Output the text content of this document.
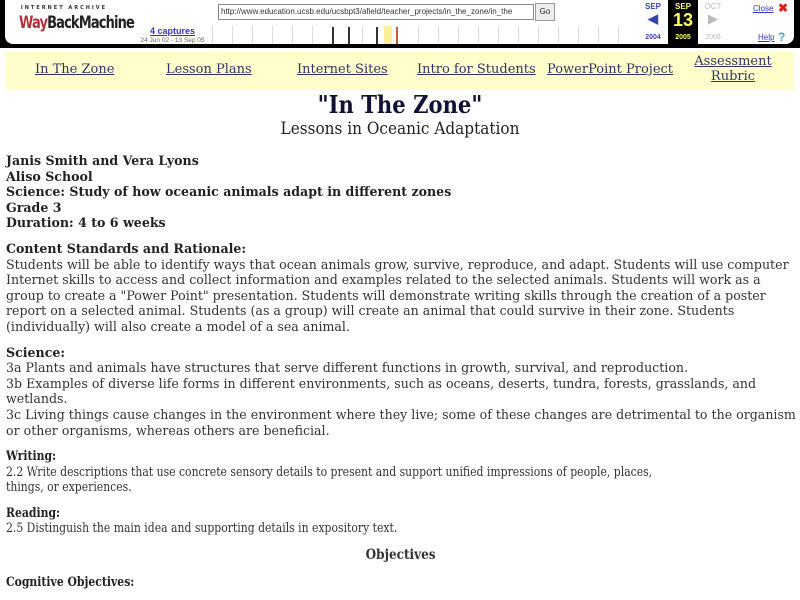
INTERNET ARCHIVE
WayBackMachine	4 captures
24 Jun 02 - 13 Sep 05
http://www.education.ucsb.edu/ucsbpt3/afield/teacher_projects/in_the_zone/in_the	Go
SEP
◀
2004
SEP
13
2005
OCT
▶
2006
Close ✖
Help ?
In The Zone	Lesson Plans	Internet Sites Intro for Students PowerPoint Project
Assessment
Rubric
"In The Zone"
Lessons in Oceanic Adaptation

Janis Smith and Vera Lyons

Aliso School

Science: Study of how oceanic animals adapt in different zones

Grade 3

Duration: 4 to 6 weeks

Content Standards and Rationale:

Students will be able to identify ways that ocean animals grow, survive, reproduce, and adapt. Students will use computer

Internet skills to access and collect information and examples related to the selected animals. Students will work as a

group to create a "Power Point" presentation. Students will demonstrate writing skills through the creation of a poster

report on a selected animal. Students (as a group) will create an animal that could survive in their zone. Students

(individually) will also create a model of a sea animal.

Science:

3a Plants and animals have structures that serve different functions in growth, survival, and reproduction.

3b Examples of diverse life forms in different environments, such as oceans, deserts, tundra, forests, grasslands, and

wetlands.

3c Living things cause changes in the environment where they live; some of these changes are detrimental to the organism

or other organisms, whereas others are beneficial.

Writing:

2.2 Write descriptions that use concrete sensory details to present and support unified impressions of people, places,

things, or experiences.

Reading:

2.5 Distinguish the main idea and supporting details in expository text.

Objectives

Cognitive Objectives:
